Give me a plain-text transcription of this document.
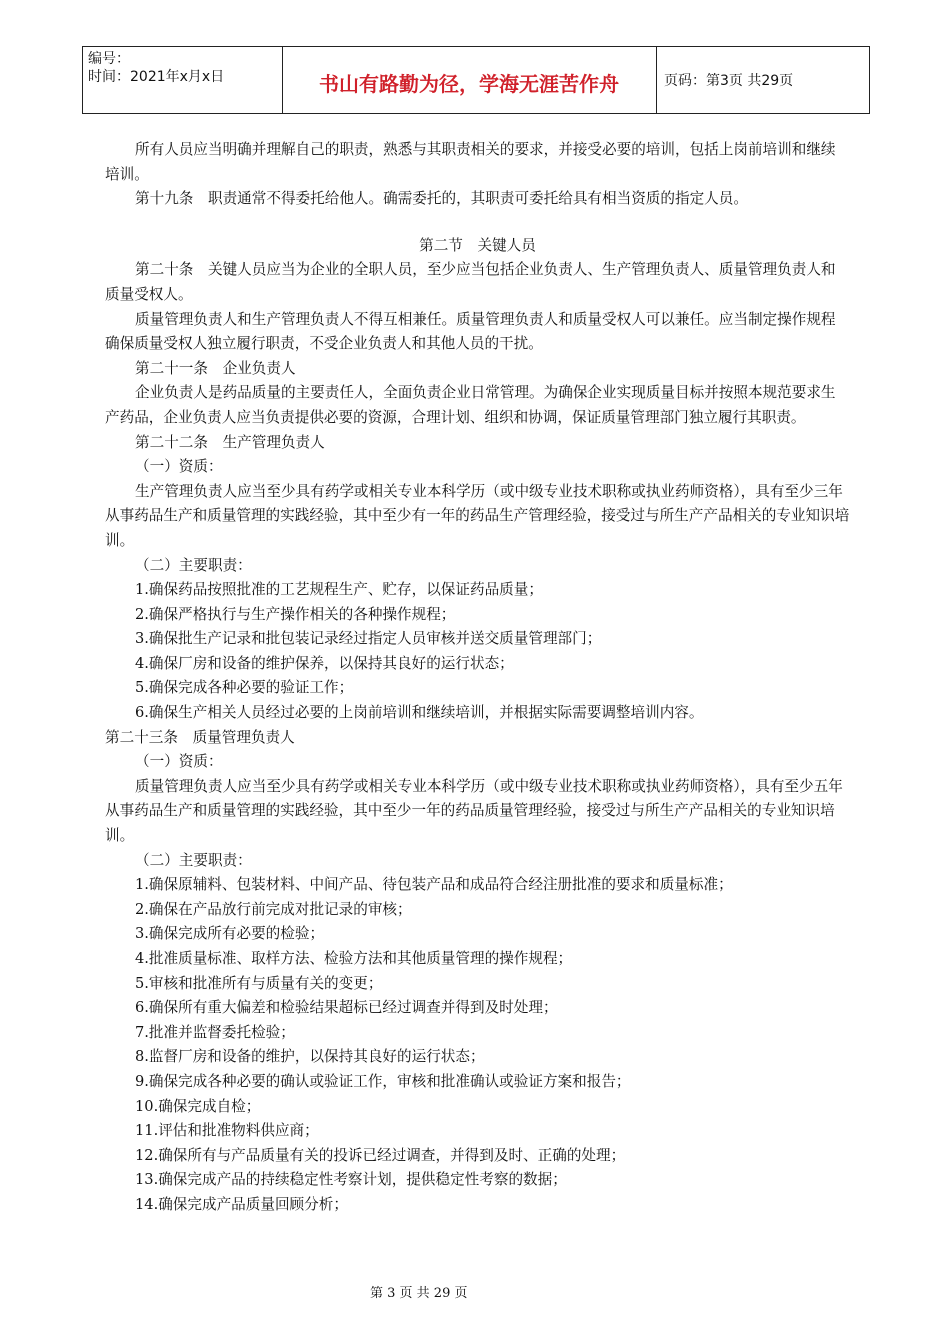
编号：
时间：2021年x月x日	书山有路勤为径，学海无涯苦作舟	页码：第3页 共29页

所有人员应当明确并理解自己的职责，熟悉与其职责相关的要求，并接受必要的培训，包括上岗前培训和继续培训。

第十九条　职责通常不得委托给他人。确需委托的，其职责可委托给具有相当资质的指定人员。

第二节　关键人员

第二十条　关键人员应当为企业的全职人员，至少应当包括企业负责人、生产管理负责人、质量管理负责人和质量受权人。

质量管理负责人和生产管理负责人不得互相兼任。质量管理负责人和质量受权人可以兼任。应当制定操作规程确保质量受权人独立履行职责，不受企业负责人和其他人员的干扰。

第二十一条　企业负责人

企业负责人是药品质量的主要责任人，全面负责企业日常管理。为确保企业实现质量目标并按照本规范要求生产药品，企业负责人应当负责提供必要的资源，合理计划、组织和协调，保证质量管理部门独立履行其职责。

第二十二条　生产管理负责人

（一）资质：

生产管理负责人应当至少具有药学或相关专业本科学历（或中级专业技术职称或执业药师资格），具有至少三年从事药品生产和质量管理的实践经验，其中至少有一年的药品生产管理经验，接受过与所生产产品相关的专业知识培训。

（二）主要职责：

1.确保药品按照批准的工艺规程生产、贮存，以保证药品质量；

2.确保严格执行与生产操作相关的各种操作规程；

3.确保批生产记录和批包装记录经过指定人员审核并送交质量管理部门；

4.确保厂房和设备的维护保养，以保持其良好的运行状态；

5.确保完成各种必要的验证工作；

6.确保生产相关人员经过必要的上岗前培训和继续培训，并根据实际需要调整培训内容。

第二十三条　质量管理负责人

（一）资质：

质量管理负责人应当至少具有药学或相关专业本科学历（或中级专业技术职称或执业药师资格），具有至少五年从事药品生产和质量管理的实践经验，其中至少一年的药品质量管理经验，接受过与所生产产品相关的专业知识培训。

（二）主要职责：

1.确保原辅料、包装材料、中间产品、待包装产品和成品符合经注册批准的要求和质量标准；

2.确保在产品放行前完成对批记录的审核；

3.确保完成所有必要的检验；

4.批准质量标准、取样方法、检验方法和其他质量管理的操作规程；

5.审核和批准所有与质量有关的变更；

6.确保所有重大偏差和检验结果超标已经过调查并得到及时处理；

7.批准并监督委托检验；

8.监督厂房和设备的维护，以保持其良好的运行状态；

9.确保完成各种必要的确认或验证工作，审核和批准确认或验证方案和报告；

10.确保完成自检；

11.评估和批准物料供应商；

12.确保所有与产品质量有关的投诉已经过调查，并得到及时、正确的处理；

13.确保完成产品的持续稳定性考察计划，提供稳定性考察的数据；

14.确保完成产品质量回顾分析；

第 3 页 共 29 页
